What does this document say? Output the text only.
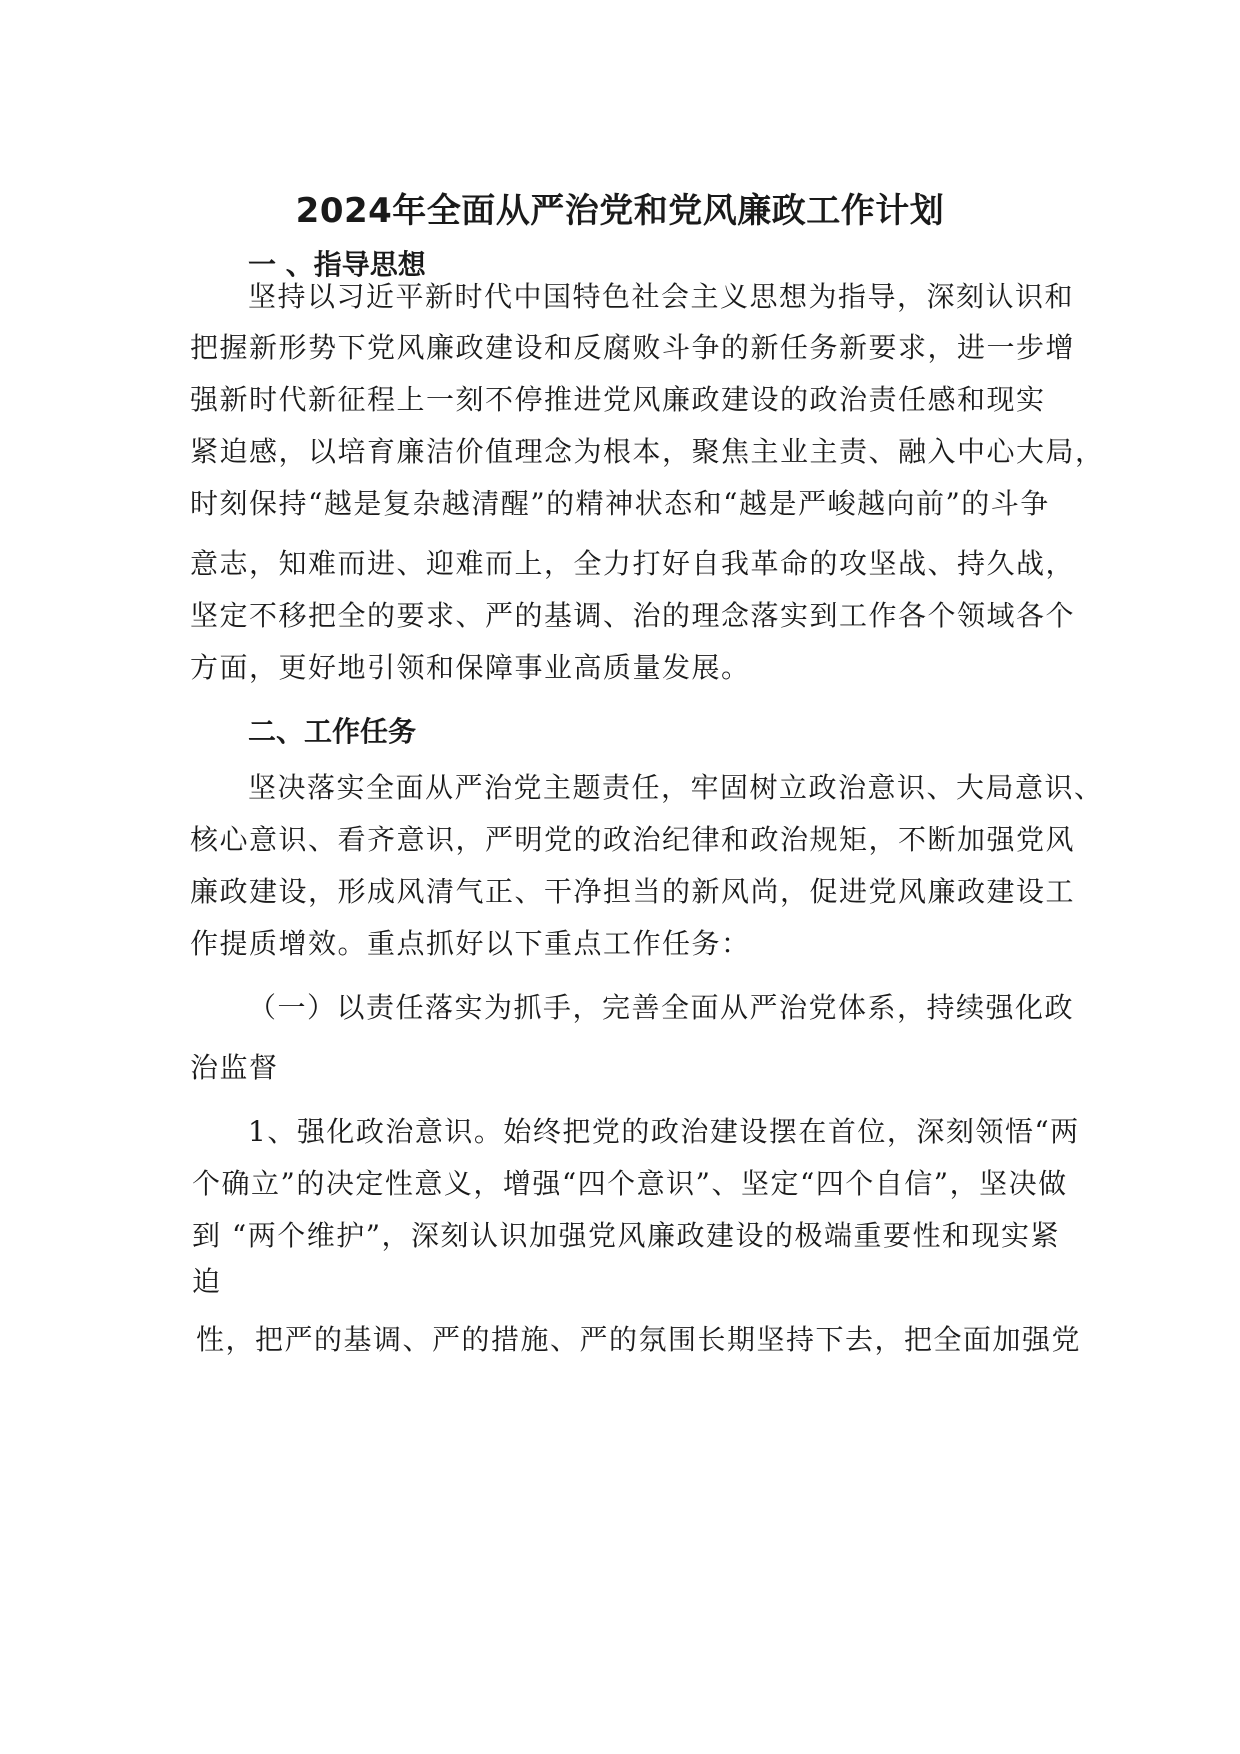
2024年全面从严治党和党风廉政工作计划
一 、指导思想
坚持以习近平新时代中国特色社会主义思想为指导，深刻认识和
把握新形势下党风廉政建设和反腐败斗争的新任务新要求，进一步增
强新时代新征程上一刻不停推进党风廉政建设的政治责任感和现实
紧迫感，以培育廉洁价值理念为根本，聚焦主业主责、融入中心大局，
时刻保持“越是复杂越清醒”的精神状态和“越是严峻越向前”的斗争
意志，知难而进、迎难而上，全力打好自我革命的攻坚战、持久战，
坚定不移把全的要求、严的基调、治的理念落实到工作各个领域各个
方面，更好地引领和保障事业高质量发展。
二、工作任务
坚决落实全面从严治党主题责任，牢固树立政治意识、大局意识、
核心意识、看齐意识，严明党的政治纪律和政治规矩，不断加强党风
廉政建设，形成风清气正、干净担当的新风尚，促进党风廉政建设工
作提质增效。重点抓好以下重点工作任务：
（一）以责任落实为抓手，完善全面从严治党体系，持续强化政
治监督
1、强化政治意识。始终把党的政治建设摆在首位，深刻领悟“两
个确立”的决定性意义，增强“四个意识”、坚定“四个自信”，坚决做
到 “两个维护”，深刻认识加强党风廉政建设的极端重要性和现实紧
迫
性，把严的基调、严的措施、严的氛围长期坚持下去，把全面加强党
